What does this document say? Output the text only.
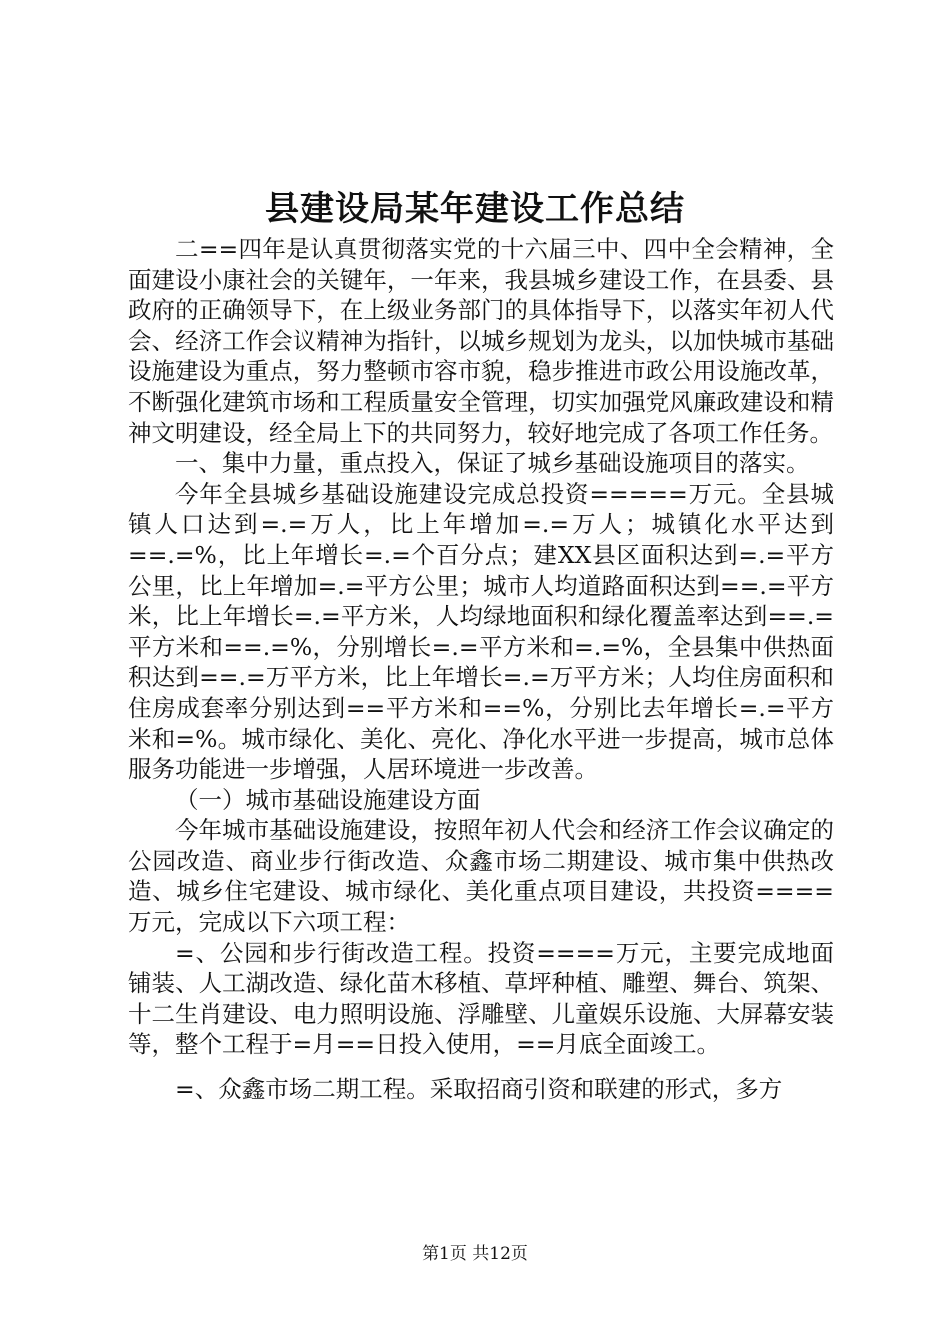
县建设局某年建设工作总结

二==四年是认真贯彻落实党的十六届三中、四中全会精神，全面建设小康社会的关键年，一年来，我县城乡建设工作，在县委、县政府的正确领导下，在上级业务部门的具体指导下，以落实年初人代会、经济工作会议精神为指针，以城乡规划为龙头，以加快城市基础设施建设为重点，努力整顿市容市貌，稳步推进市政公用设施改革，不断强化建筑市场和工程质量安全管理，切实加强党风廉政建设和精神文明建设，经全局上下的共同努力，较好地完成了各项工作任务。

一、集中力量，重点投入，保证了城乡基础设施项目的落实。

今年全县城乡基础设施建设完成总投资=====万元。全县城镇人口达到=.=万人，比上年增加=.=万人；城镇化水平达到==.=%，比上年增长=.=个百分点；建XX县区面积达到=.=平方公里，比上年增加=.=平方公里；城市人均道路面积达到==.=平方米，比上年增长=.=平方米，人均绿地面积和绿化覆盖率达到==.=平方米和==.=%，分别增长=.=平方米和=.=%，全县集中供热面积达到==.=万平方米，比上年增长=.=万平方米；人均住房面积和住房成套率分别达到==平方米和==%，分别比去年增长=.=平方米和=%。城市绿化、美化、亮化、净化水平进一步提高，城市总体服务功能进一步增强，人居环境进一步改善。

（一）城市基础设施建设方面

今年城市基础设施建设，按照年初人代会和经济工作会议确定的公园改造、商业步行街改造、众鑫市场二期建设、城市集中供热改造、城乡住宅建设、城市绿化、美化重点项目建设，共投资====万元，完成以下六项工程：

=、公园和步行街改造工程。投资====万元，主要完成地面铺装、人工湖改造、绿化苗木移植、草坪种植、雕塑、舞台、筑架、十二生肖建设、电力照明设施、浮雕壁、儿童娱乐设施、大屏幕安装等，整个工程于=月==日投入使用，==月底全面竣工。

=、众鑫市场二期工程。采取招商引资和联建的形式，多方

第1页 共12页
